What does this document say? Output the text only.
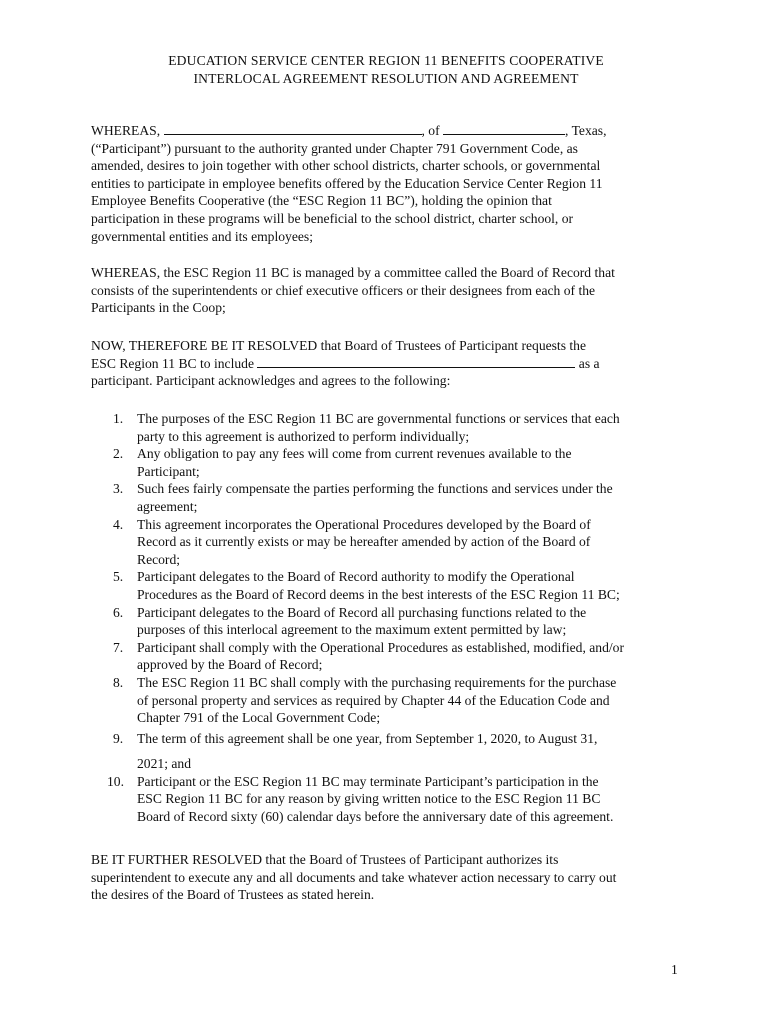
EDUCATION SERVICE CENTER REGION 11 BENEFITS COOPERATIVE
INTERLOCAL AGREEMENT RESOLUTION AND AGREEMENT
WHEREAS,	, of	, Texas,
(“Participant”) pursuant to the authority granted under Chapter 791 Government Code, as
amended, desires to join together with other school districts, charter schools, or governmental
entities to participate in employee benefits offered by the Education Service Center Region 11
Employee Benefits Cooperative (the “ESC Region 11 BC”), holding the opinion that
participation in these programs will be beneficial to the school district, charter school, or
governmental entities and its employees;
WHEREAS, the ESC Region 11 BC is managed by a committee called the Board of Record that
consists of the superintendents or chief executive officers or their designees from each of the
Participants in the Coop;
NOW, THEREFORE BE IT RESOLVED that Board of Trustees of Participant requests the
ESC Region 11 BC to include	as a
participant. Participant acknowledges and agrees to the following:
1. The purposes of the ESC Region 11 BC are governmental functions or services that each
party to this agreement is authorized to perform individually;
2. Any obligation to pay any fees will come from current revenues available to the
Participant;
3. Such fees fairly compensate the parties performing the functions and services under the
agreement;
4. This agreement incorporates the Operational Procedures developed by the Board of
Record as it currently exists or may be hereafter amended by action of the Board of
Record;
5. Participant delegates to the Board of Record authority to modify the Operational
Procedures as the Board of Record deems in the best interests of the ESC Region 11 BC;
6. Participant delegates to the Board of Record all purchasing functions related to the
purposes of this interlocal agreement to the maximum extent permitted by law;
7. Participant shall comply with the Operational Procedures as established, modified, and/or
approved by the Board of Record;
8. The ESC Region 11 BC shall comply with the purchasing requirements for the purchase
of personal property and services as required by Chapter 44 of the Education Code and
Chapter 791 of the Local Government Code;
9. The term of this agreement shall be one year, from September 1, 2020, to August 31,
2021; and
10. Participant or the ESC Region 11 BC may terminate Participant’s participation in the
ESC Region 11 BC for any reason by giving written notice to the ESC Region 11 BC
Board of Record sixty (60) calendar days before the anniversary date of this agreement.
BE IT FURTHER RESOLVED that the Board of Trustees of Participant authorizes its
superintendent to execute any and all documents and take whatever action necessary to carry out
the desires of the Board of Trustees as stated herein.
1
